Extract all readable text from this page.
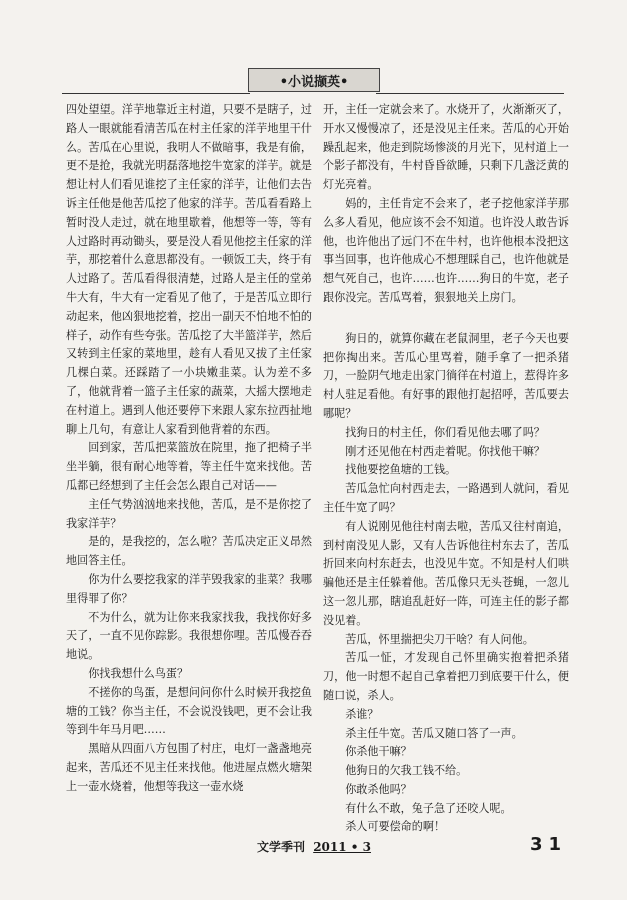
•小说撷英•

四处望望。洋芋地靠近主村道，只要不是瞎子，过路人一眼就能看清苦瓜在村主任家的洋芋地里干什么。苦瓜在心里说，我明人不做暗事，我是有偷，更不是抢，我就光明磊落地挖牛宽家的洋芋。就是想让村人们看见谁挖了主任家的洋芋，让他们去告诉主任他是他苦瓜挖了他家的洋芋。苦瓜看看路上暂时没人走过，就在地里歇着，他想等一等，等有人过路时再动锄头，要是没人看见他挖主任家的洋芋，那挖着什么意思都没有。一顿饭工夫，终于有人过路了。苦瓜看得很清楚，过路人是主任的堂弟牛大有，牛大有一定看见了他了，于是苦瓜立即行动起来，他凶狠地挖着，挖出一副天不怕地不怕的样子，动作有些夸张。苦瓜挖了大半篮洋芋，然后又转到主任家的菜地里，趁有人看见又拔了主任家几棵白菜。还踩踏了一小块嫩韭菜。认为差不多了，他就背着一篮子主任家的蔬菜，大摇大摆地走在村道上。遇到人他还要停下来跟人家东拉西扯地聊上几句，有意让人家看到他背着的东西。

回到家，苦瓜把菜篮放在院里，拖了把椅子半坐半躺，很有耐心地等着，等主任牛宽来找他。苦瓜都已经想到了主任会怎么跟自己对话——

主任气势汹汹地来找他，苦瓜，是不是你挖了我家洋芋？

是的，是我挖的，怎么啦？苦瓜决定正义昂然地回答主任。

你为什么要挖我家的洋芋毁我家的韭菜？我哪里得罪了你？

不为什么，就为让你来我家找我，我找你好多天了，一直不见你踪影。我很想你哩。苦瓜慢吞吞地说。

你找我想什么鸟蛋？

不搓你的鸟蛋，是想问问你什么时候开我挖鱼塘的工钱？你当主任，不会说没钱吧，更不会让我等到牛年马月吧……

黑暗从四面八方包围了村庄，电灯一盏盏地亮起来，苦瓜还不见主任来找他。他进屋点燃火塘架上一壶水烧着，他想等我这一壶水烧

开，主任一定就会来了。水烧开了，火渐渐灭了，开水又慢慢凉了，还是没见主任来。苦瓜的心开始躁乱起来，他走到院场惨淡的月光下，见村道上一个影子都没有，牛村昏昏欲睡，只剩下几盏泛黄的灯光亮着。

妈的，主任肯定不会来了，老子挖他家洋芋那么多人看见，他应该不会不知道。也许没人敢告诉他，也许他出了远门不在牛村，也许他根本没把这事当回事，也许他成心不想理睬自己，也许他就是想气死自己，也许……也许……狗日的牛宽，老子跟你没完。苦瓜骂着，狠狠地关上房门。

狗日的，就算你藏在老鼠洞里，老子今天也要把你掏出来。苦瓜心里骂着，随手拿了一把杀猪刀，一脸阴气地走出家门徜徉在村道上，惹得许多村人驻足看他。有好事的跟他打起招呼，苦瓜要去哪呢？

找狗日的村主任，你们看见他去哪了吗？

刚才还见他在村西走着呢。你找他干嘛？

找他要挖鱼塘的工钱。

苦瓜急忙向村西走去，一路遇到人就问，看见主任牛宽了吗？

有人说刚见他往村南去啦，苦瓜又往村南追，到村南没见人影，又有人告诉他往村东去了，苦瓜折回来向村东赶去，也没见牛宽。不知是村人们哄骗他还是主任躲着他。苦瓜像只无头苍蝇，一忽儿这一忽儿那，瞎追乱赶好一阵，可连主任的影子都没见着。

苦瓜，怀里揣把尖刀干啥？有人问他。

苦瓜一怔，才发现自己怀里确实抱着把杀猪刀，他一时想不起自己拿着把刀到底要干什么，便随口说，杀人。

杀谁？

杀主任牛宽。苦瓜又随口答了一声。

你杀他干嘛？

他狗日的欠我工钱不给。

你敢杀他吗？

有什么不敢，兔子急了还咬人呢。

杀人可要偿命的啊！

文学季刊 2011 • 3	31
